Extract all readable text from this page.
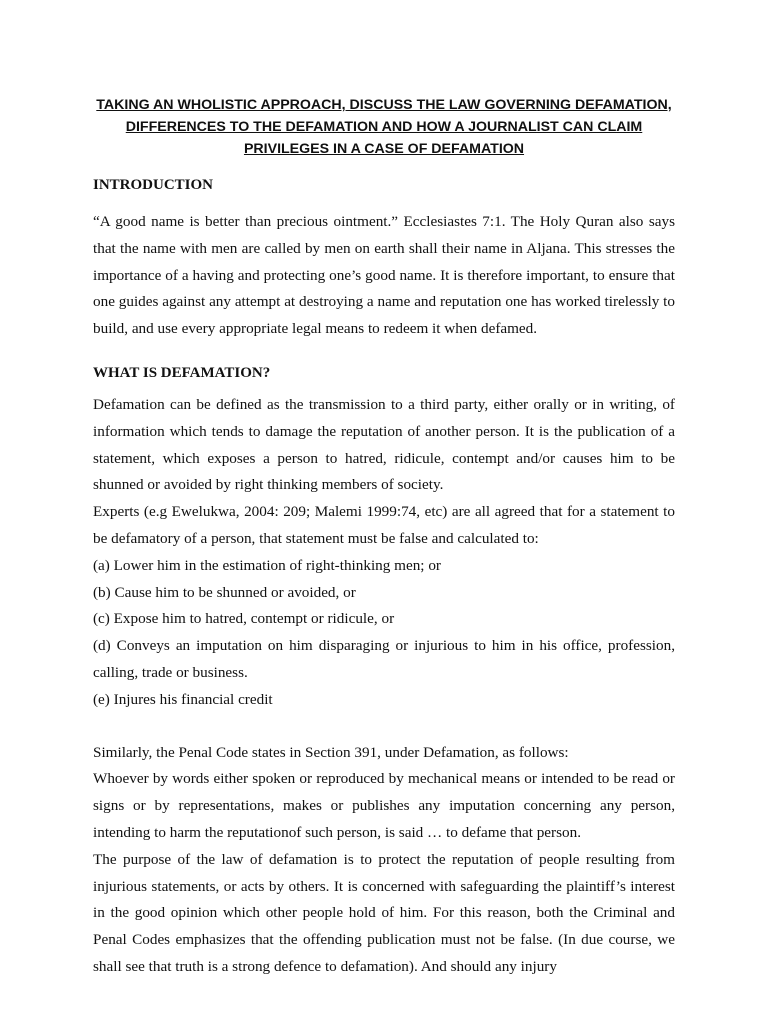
TAKING AN WHOLISTIC APPROACH, DISCUSS THE LAW GOVERNING DEFAMATION,
DIFFERENCES TO THE DEFAMATION AND HOW A JOURNALIST CAN CLAIM
PRIVILEGES IN A CASE OF DEFAMATION
INTRODUCTION

“A good name is better than precious ointment.” Ecclesiastes 7:1. The Holy Quran also says that the name with men are called by men on earth shall their name in Aljana. This stresses the importance of a having and protecting one’s good name. It is therefore important, to ensure that one guides against any attempt at destroying a name and reputation one has worked tirelessly to build, and use every appropriate legal means to redeem it when defamed.

WHAT IS DEFAMATION?

Defamation can be defined as the transmission to a third party, either orally or in writing, of information which tends to damage the reputation of another person. It is the publication of a statement, which exposes a person to hatred, ridicule, contempt and/or causes him to be shunned or avoided by right thinking members of society.

Experts (e.g Ewelukwa, 2004: 209; Malemi 1999:74, etc) are all agreed that for a statement to be defamatory of a person, that statement must be false and calculated to:

(a) Lower him in the estimation of right-thinking men; or

(b) Cause him to be shunned or avoided, or

(c) Expose him to hatred, contempt or ridicule, or

(d) Conveys an imputation on him disparaging or injurious to him in his office, profession, calling, trade or business.

(e) Injures his financial credit

Similarly, the Penal Code states in Section 391, under Defamation, as follows:

Whoever by words either spoken or reproduced by mechanical means or intended to be read or signs or by representations, makes or publishes any imputation concerning any person, intending to harm the reputationof such person, is said … to defame that person.

The purpose of the law of defamation is to protect the reputation of people resulting from injurious statements, or acts by others. It is concerned with safeguarding the plaintiff’s interest in the good opinion which other people hold of him. For this reason, both the Criminal and Penal Codes emphasizes that the offending publication must not be false. (In due course, we shall see that truth is a strong defence to defamation). And should any injury
